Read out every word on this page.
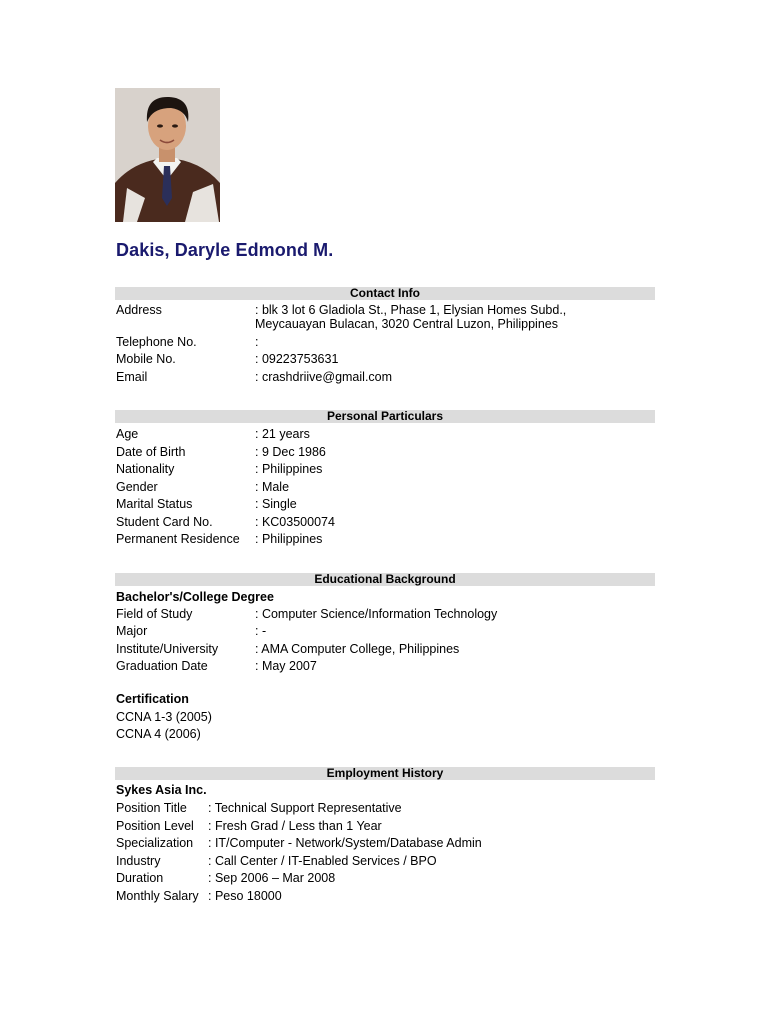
Dakis, Daryle Edmond M.
Contact Info
Address	: blk 3 lot 6 Gladiola St., Phase 1, Elysian Homes Subd.,
Meycauayan Bulacan, 3020 Central Luzon, Philippines
Telephone No.	:
Mobile No.	: 09223753631
Email	: crashdriive@gmail.com
Personal Particulars
Age	: 21 years
Date of Birth	: 9 Dec 1986
Nationality	: Philippines
Gender	: Male
Marital Status	: Single
Student Card No.	: KC03500074
Permanent Residence : Philippines
Educational Background
Bachelor's/College Degree
Field of Study	: Computer Science/Information Technology
Major	: -
Institute/University	: AMA Computer College, Philippines
Graduation Date	: May 2007
Certification
CCNA 1-3 (2005)
CCNA 4 (2006)
Employment History
Sykes Asia Inc.
Position Title : Technical Support Representative
Position Level : Fresh Grad / Less than 1 Year
Specialization : IT/Computer - Network/System/Database Admin
Industry	: Call Center / IT-Enabled Services / BPO
Duration	: Sep 2006 – Mar 2008
Monthly Salary : Peso 18000
